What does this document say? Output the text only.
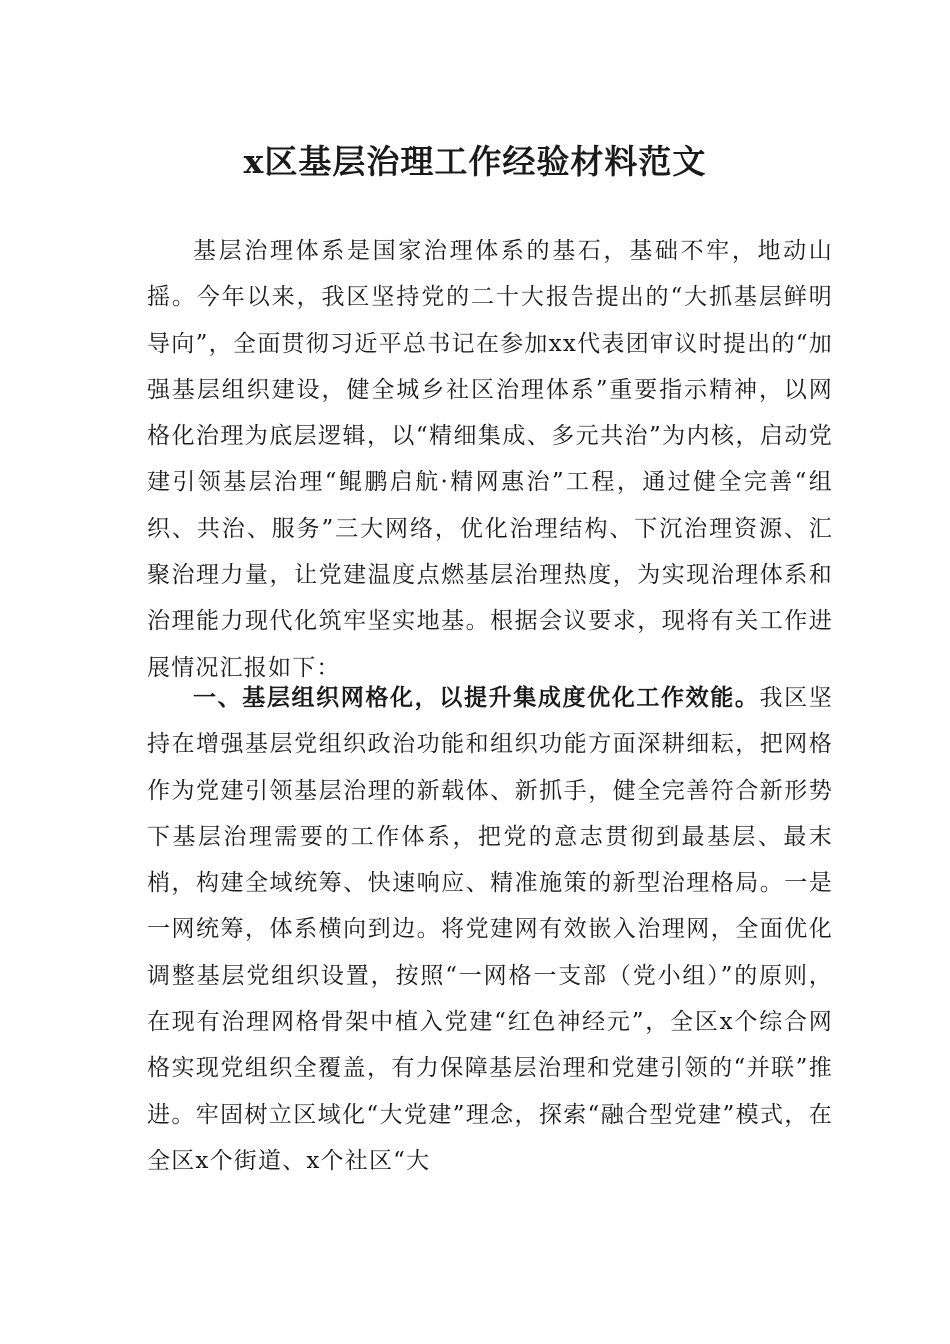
x区基层治理工作经验材料范文

基层治理体系是国家治理体系的基石，基础不牢，地动山摇。今年以来，我区坚持党的二十大报告提出的“大抓基层鲜明导向”，全面贯彻习近平总书记在参加xx代表团审议时提出的“加强基层组织建设，健全城乡社区治理体系”重要指示精神，以网格化治理为底层逻辑，以“精细集成、多元共治”为内核，启动党建引领基层治理“鲲鹏启航·精网惠治”工程，通过健全完善“组织、共治、服务”三大网络，优化治理结构、下沉治理资源、汇聚治理力量，让党建温度点燃基层治理热度，为实现治理体系和治理能力现代化筑牢坚实地基。根据会议要求，现将有关工作进展情况汇报如下：

一、基层组织网格化，以提升集成度优化工作效能。我区坚持在增强基层党组织政治功能和组织功能方面深耕细耘，把网格作为党建引领基层治理的新载体、新抓手，健全完善符合新形势下基层治理需要的工作体系，把党的意志贯彻到最基层、最末梢，构建全域统筹、快速响应、精准施策的新型治理格局。一是一网统筹，体系横向到边。将党建网有效嵌入治理网，全面优化调整基层党组织设置，按照“一网格一支部（党小组）”的原则，在现有治理网格骨架中植入党建“红色神经元”，全区x个综合网格实现党组织全覆盖，有力保障基层治理和党建引领的“并联”推进。牢固树立区域化“大党建”理念，探索“融合型党建”模式，在全区x个街道、x个社区“大
